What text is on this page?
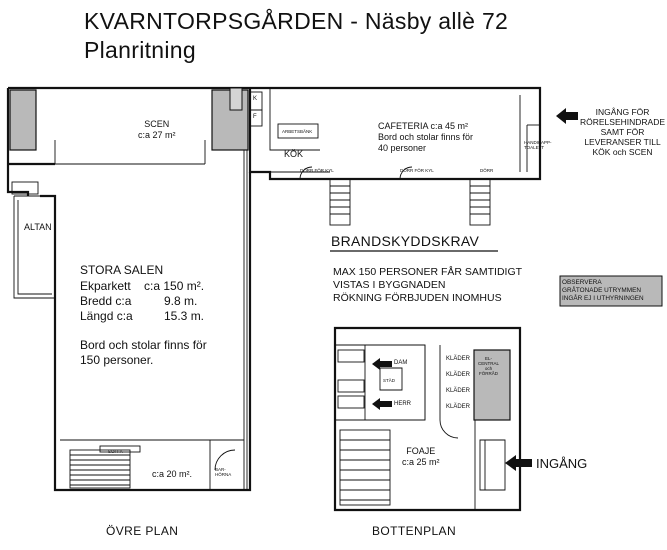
KVARNTORPSGÅRDEN - Näsby allè 72
Planritning
SCEN
c:a 27 m²	ARBETSBÄNK
KÖK
K
F
CAFETERIA c:a 45 m²
Bord och stolar finns för
40 personer
HANDIKAPP-
TOALETT
DÖRR FÖR KYL	DÖRR FÖR KYL	DÖRR
INGÅNG FÖR
RÖRELSEHINDRADE
SAMT FÖR
LEVERANSER TILL
KÖK och SCEN
ALTAN
STORA SALEN
Ekparkett c:a 150 m².
Bredd c:a	9.8 m.
Längd c:a	15.3 m.
Bord och stolar finns för
150 personer.
SOFFA
c:a 20 m².	BAR-
HÖRNA
ÖVRE PLAN
BRANDSKYDDSKRAV
MAX 150 PERSONER FÅR SAMTIDIGT
VISTAS I BYGGNADEN
RÖKNING FÖRBJUDEN INOMHUS
OBSERVERA
GRÅTONADE UTRYMMEN
INGÅR EJ I UTHYRNINGEN
DAM
STÄD
HERR
KLÄDER
KLÄDER
KLÄDER
KLÄDER
EL-
CENTRAL
och
FÖRRÅD
FOAJE
c:a 25 m²	INGÅNG
BOTTENPLAN
